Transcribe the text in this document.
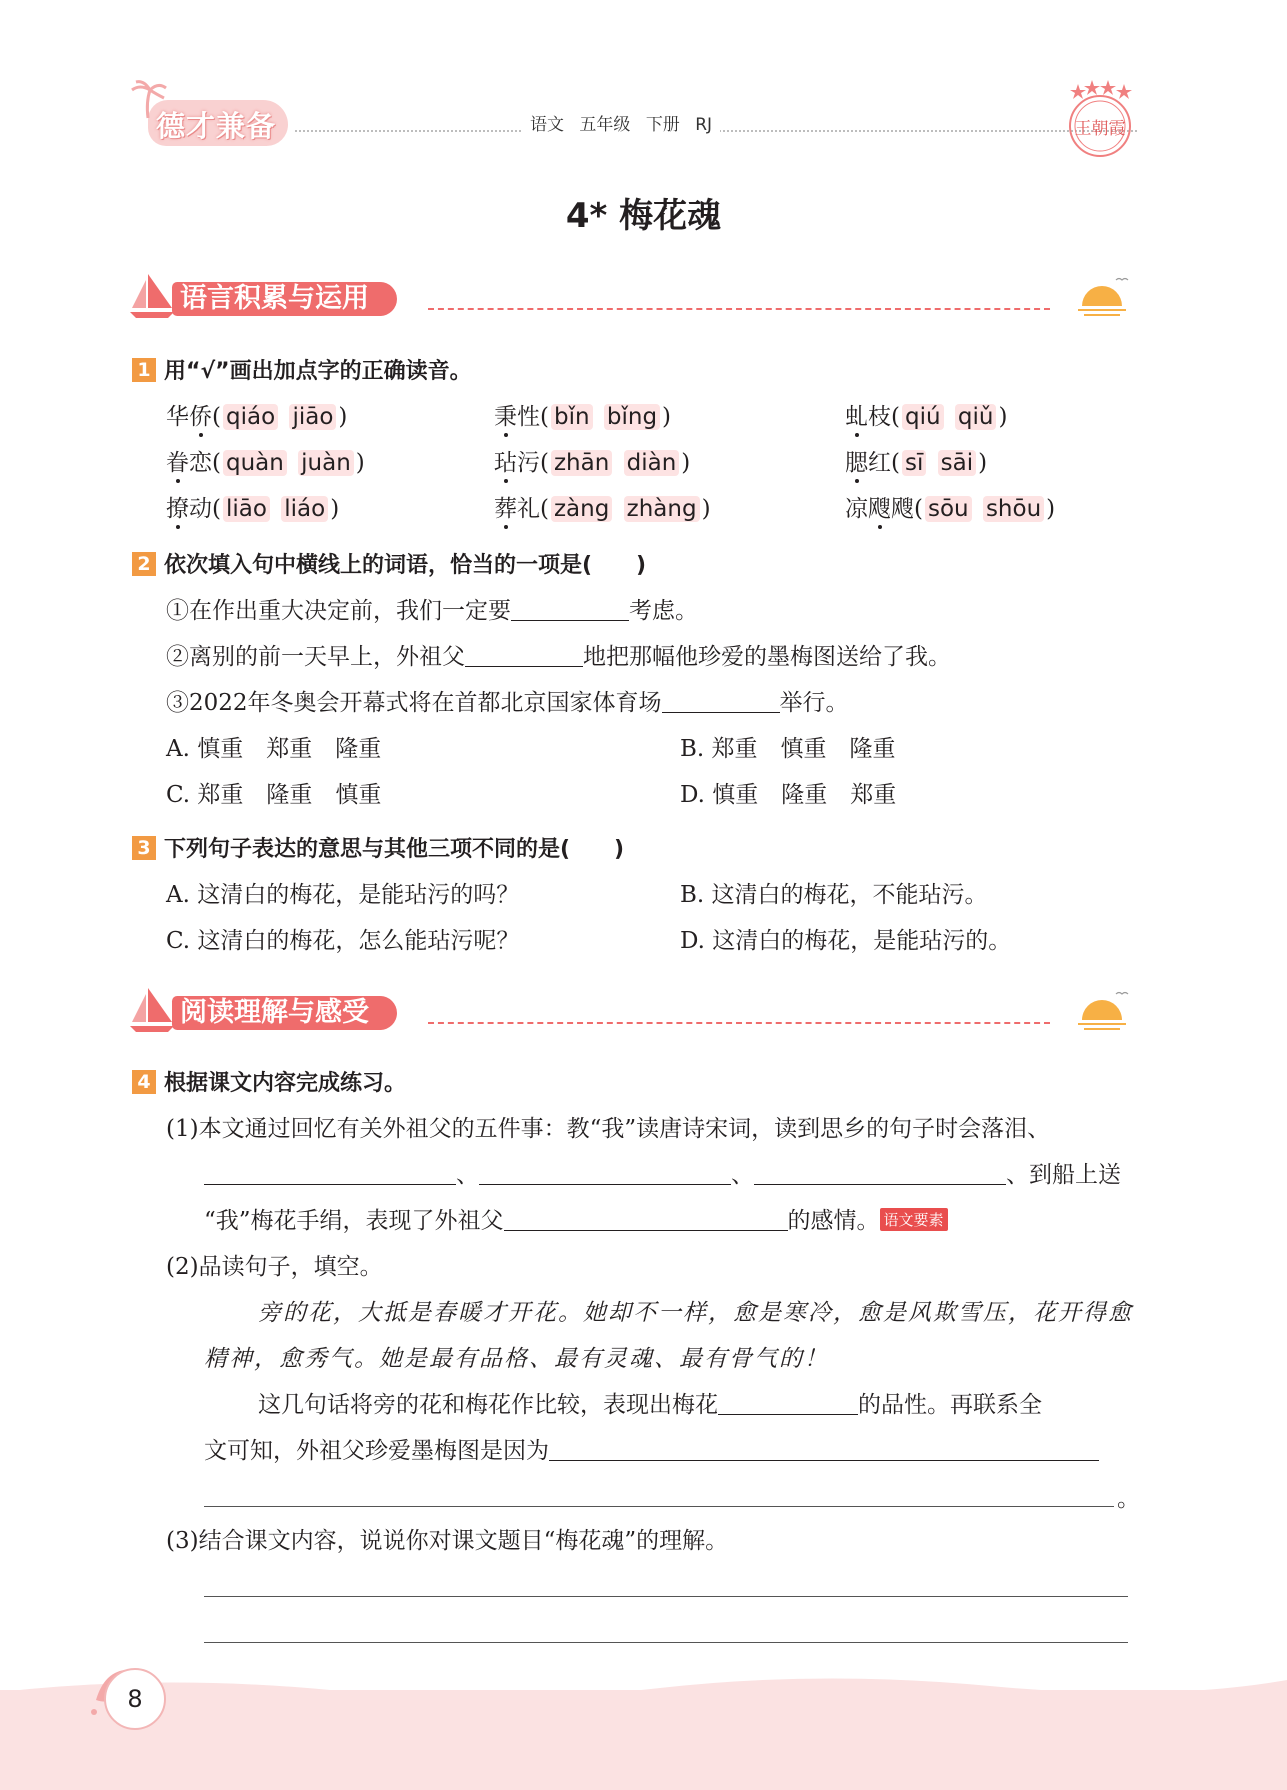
德才兼备	语文 五年级 下册 RJ	王朝霞
4* 梅花魂
语言积累与运用
1 用“√”画出加点字的正确读音。
华侨( qiáo jiāo )	秉性( bǐn bǐng )	虬枝( qiú qiǔ )
眷恋( quàn juàn )	玷污( zhān diàn )	腮红( sī sāi )
撩动( liāo liáo )	葬礼( zàng zhàng )	凉飕飕( sōu shōu )
2 依次填入句中横线上的词语，恰当的一项是(　　)
①在作出重大决定前，我们一定要	考虑。
②离别的前一天早上，外祖父	地把那幅他珍爱的墨梅图送给了我。
③2022年冬奥会开幕式将在首都北京国家体育场	举行。
A. 慎重　郑重　隆重	B. 郑重　慎重　隆重
C. 郑重　隆重　慎重	D. 慎重　隆重　郑重
3 下列句子表达的意思与其他三项不同的是(　　)
A. 这清白的梅花，是能玷污的吗？	B. 这清白的梅花，不能玷污。
C. 这清白的梅花，怎么能玷污呢？	D. 这清白的梅花，是能玷污的。
阅读理解与感受
4 根据课文内容完成练习。
(1)本文通过回忆有关外祖父的五件事：教“我”读唐诗宋词，读到思乡的句子时会落泪、
、	、	、到船上送
“我”梅花手绢，表现了外祖父	的感情。 语文要素
(2)品读句子，填空。
旁的花，大抵是春暖才开花。她却不一样，愈是寒冷，愈是风欺雪压，花开得愈
精神，愈秀气。她是最有品格、最有灵魂、最有骨气的！
这几句话将旁的花和梅花作比较，表现出梅花	的品性。再联系全
文可知，外祖父珍爱墨梅图是因为
。
(3)结合课文内容，说说你对课文题目“梅花魂”的理解。
8
